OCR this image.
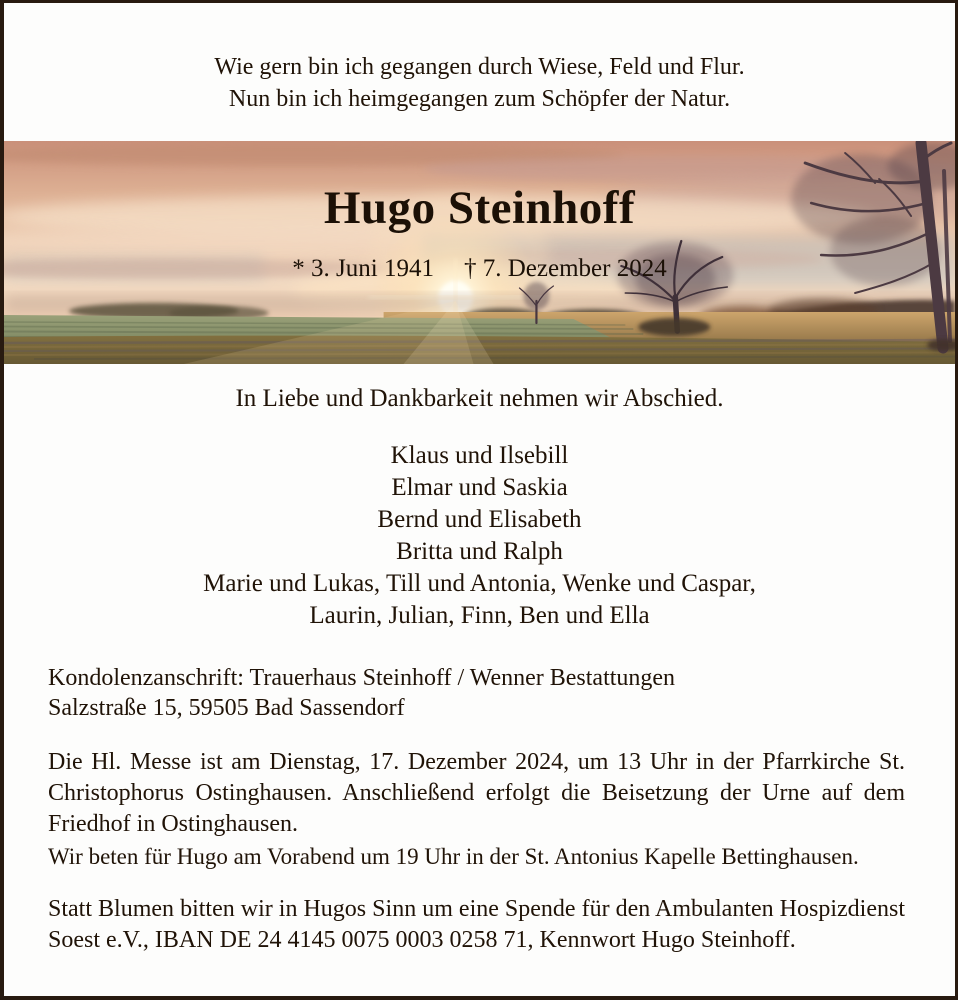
Wie gern bin ich gegangen durch Wiese, Feld und Flur.
Nun bin ich heimgegangen zum Schöpfer der Natur.
Hugo Steinhoff
* 3. Juni 1941 † 7. Dezember 2024
In Liebe und Dankbarkeit nehmen wir Abschied.
Klaus und Ilsebill
Elmar und Saskia
Bernd und Elisabeth
Britta und Ralph
Marie und Lukas, Till und Antonia, Wenke und Caspar,
Laurin, Julian, Finn, Ben und Ella
Kondolenzanschrift: Trauerhaus Steinhoff / Wenner Bestattungen
Salzstraße 15, 59505 Bad Sassendorf
Die Hl. Messe ist am Dienstag, 17. Dezember 2024, um 13 Uhr in der Pfarrkirche St. Christophorus Ostinghausen. Anschließend erfolgt die Beisetzung der Urne auf dem Friedhof in Ostinghausen.
Wir beten für Hugo am Vorabend um 19 Uhr in der St. Antonius Kapelle Bettinghausen.
Statt Blumen bitten wir in Hugos Sinn um eine Spende für den Ambulanten Hospizdienst Soest e.V., IBAN DE 24 4145 0075 0003 0258 71, Kennwort Hugo Steinhoff.
